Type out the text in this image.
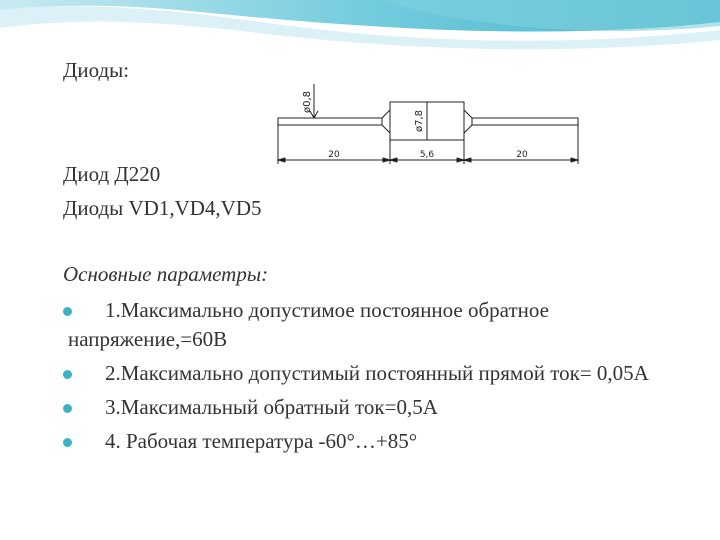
Диоды:
ø0,8
ø7,8
20	5,6	20
Диод Д220
Диоды VD1,VD4,VD5
Основные параметры:
1.Максимально допустимое постоянное обратное напряжение,=60В
2.Максимально допустимый постоянный прямой ток= 0,05А
3.Максимальный обратный ток=0,5А
4. Рабочая температура -60°…+85°
